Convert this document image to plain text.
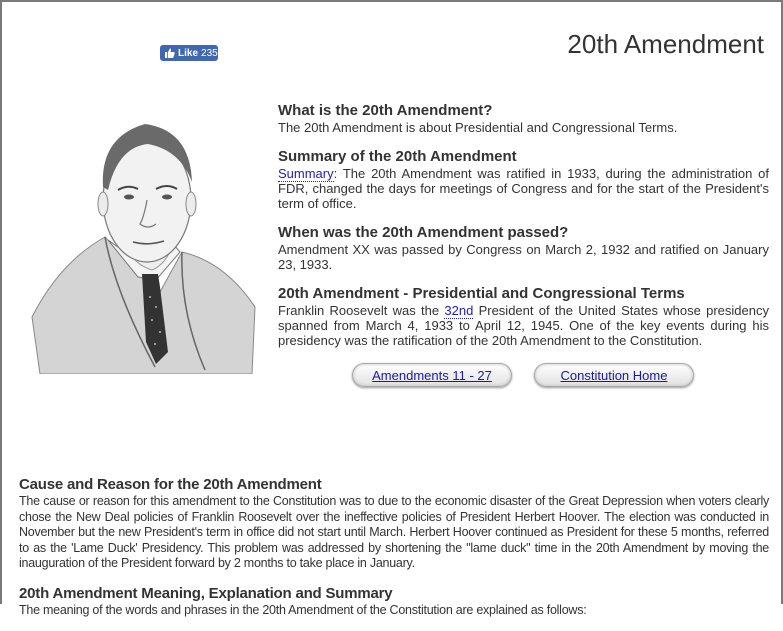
Like 235	20th Amendment
What is the 20th Amendment?

The 20th Amendment is about Presidential and Congressional Terms.

Summary of the 20th Amendment

Summary: The 20th Amendment was ratified in 1933, during the administration of FDR, changed the days for meetings of Congress and for the start of the President's term of office.

When was the 20th Amendment passed?

Amendment XX was passed by Congress on March 2, 1932 and ratified on January 23, 1933.

20th Amendment - Presidential and Congressional Terms

Franklin Roosevelt was the 32nd President of the United States whose presidency spanned from March 4, 1933 to April 12, 1945. One of the key events during his presidency was the ratification of the 20th Amendment to the Constitution.

Amendments 11 - 27	Constitution Home
Cause and Reason for the 20th Amendment

The cause or reason for this amendment to the Constitution was to due to the economic disaster of the Great Depression when voters clearly chose the New Deal policies of Franklin Roosevelt over the ineffective policies of President Herbert Hoover. The election was conducted in November but the new President's term in office did not start until March. Herbert Hoover continued as President for these 5 months, referred to as the 'Lame Duck' Presidency. This problem was addressed by shortening the "lame duck" time in the 20th Amendment by moving the inauguration of the President forward by 2 months to take place in January.

20th Amendment Meaning, Explanation and Summary

The meaning of the words and phrases in the 20th Amendment of the Constitution are explained as follows:
